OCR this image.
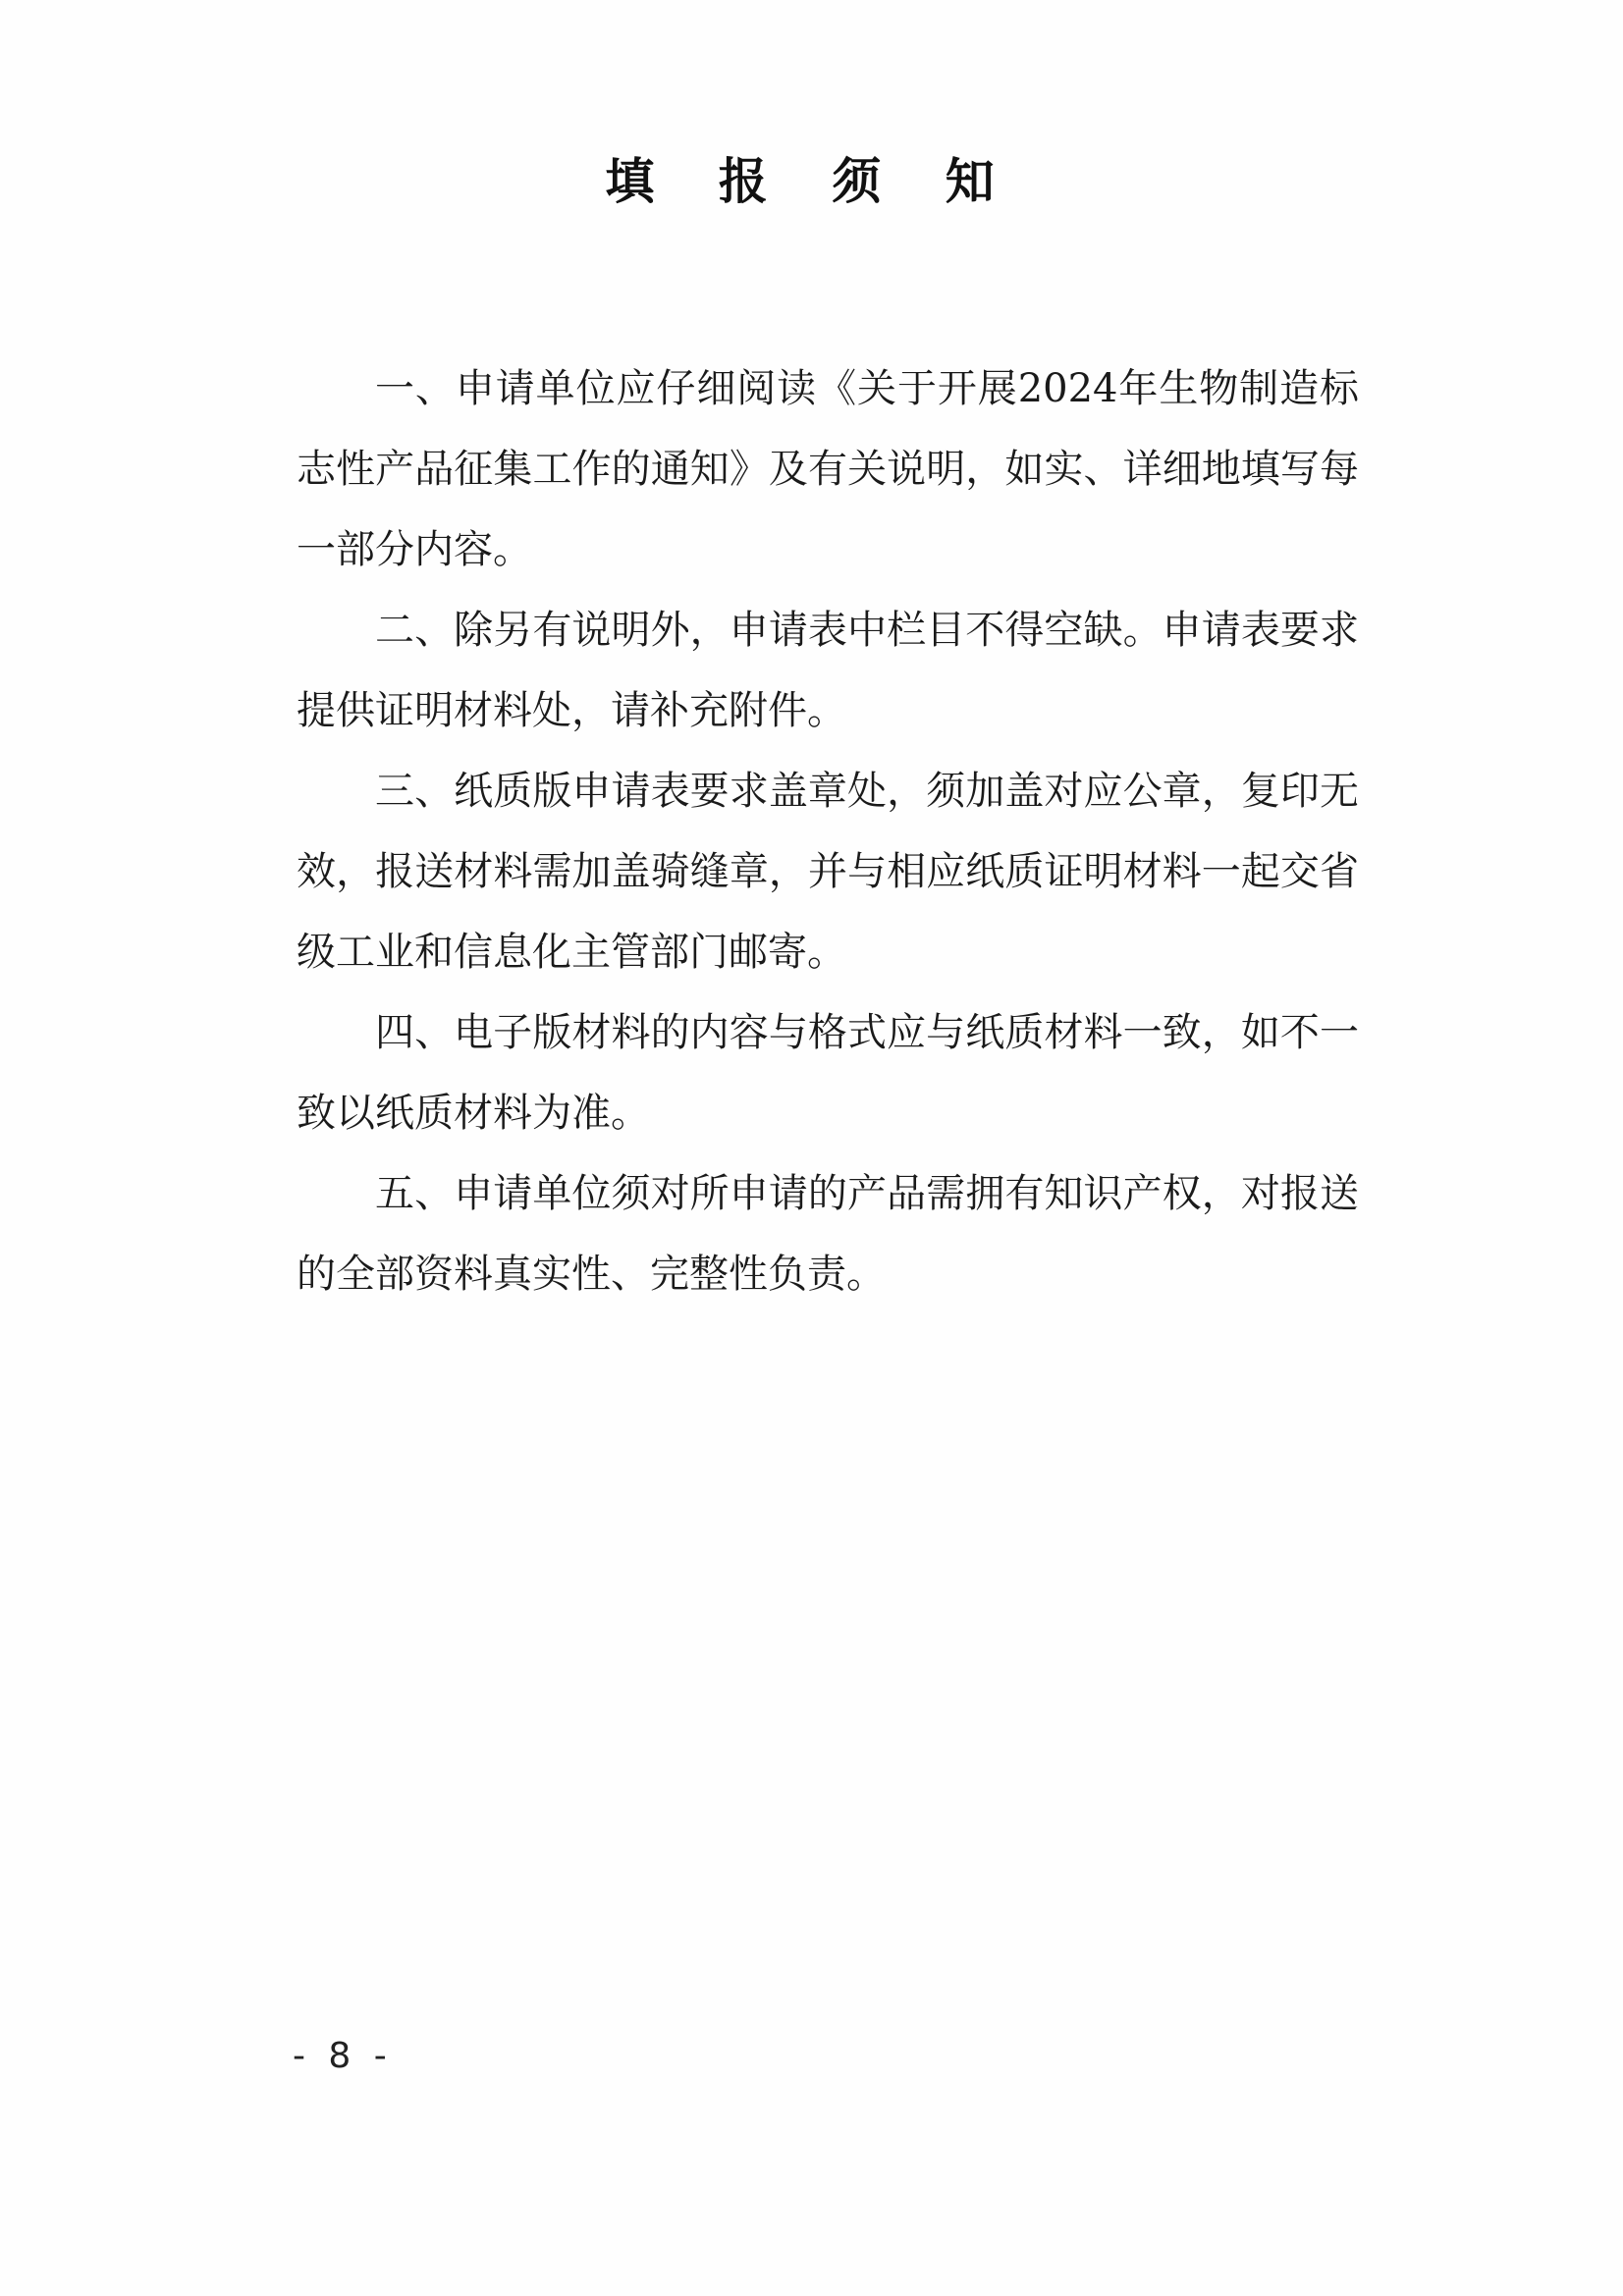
填 报 须 知

一、申请单位应仔细阅读《关于开展2024年生物制造标志性产品征集工作的通知》及有关说明，如实、详细地填写每一部分内容。

二、除另有说明外，申请表中栏目不得空缺。申请表要求提供证明材料处，请补充附件。

三、纸质版申请表要求盖章处，须加盖对应公章，复印无效，报送材料需加盖骑缝章，并与相应纸质证明材料一起交省级工业和信息化主管部门邮寄。

四、电子版材料的内容与格式应与纸质材料一致，如不一致以纸质材料为准。

五、申请单位须对所申请的产品需拥有知识产权，对报送的全部资料真实性、完整性负责。

- 8 -
